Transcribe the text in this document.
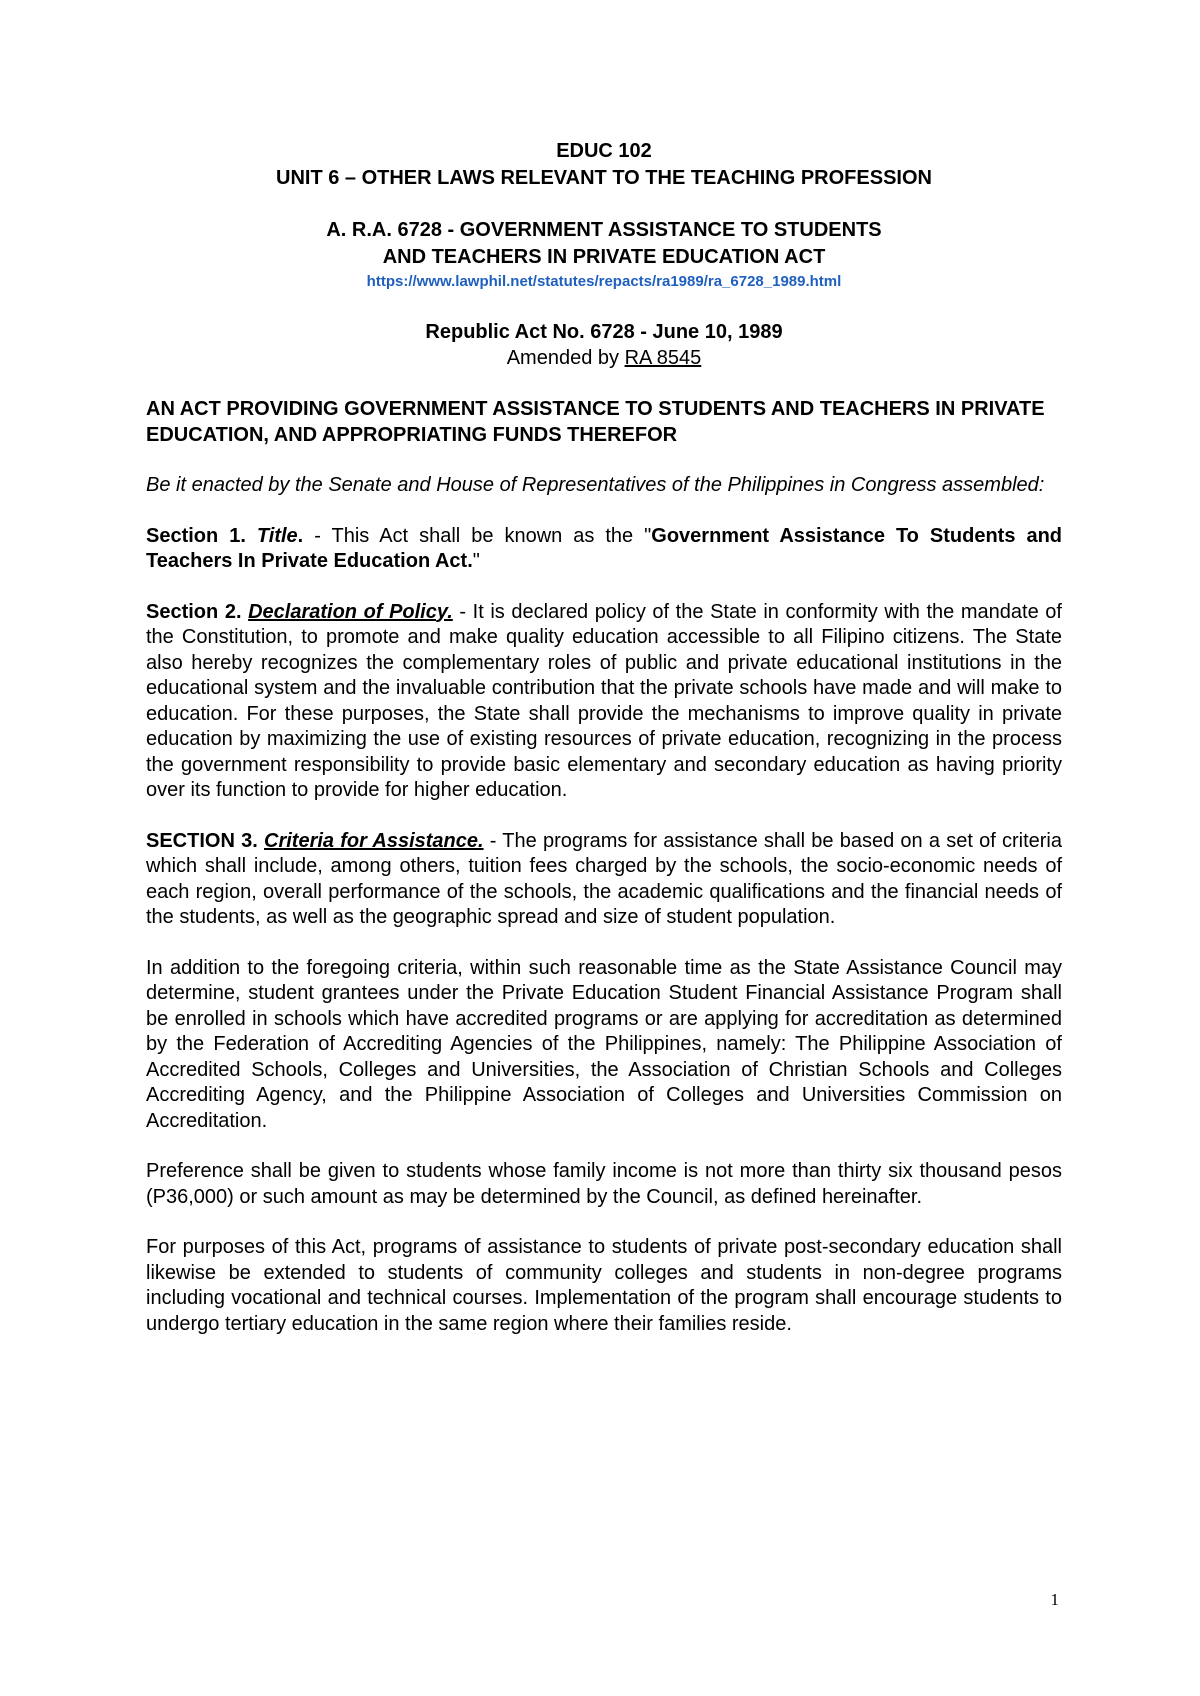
EDUC 102

UNIT 6 – OTHER LAWS RELEVANT TO THE TEACHING PROFESSION

A. R.A. 6728 - GOVERNMENT ASSISTANCE TO STUDENTS

AND TEACHERS IN PRIVATE EDUCATION ACT

https://www.lawphil.net/statutes/repacts/ra1989/ra_6728_1989.html

Republic Act No. 6728 - June 10, 1989

Amended by RA 8545

AN ACT PROVIDING GOVERNMENT ASSISTANCE TO STUDENTS AND TEACHERS IN PRIVATE EDUCATION, AND APPROPRIATING FUNDS THEREFOR

Be it enacted by the Senate and House of Representatives of the Philippines in Congress assembled:

Section 1. Title. - This Act shall be known as the "Government Assistance To Students and Teachers In Private Education Act."

Section 2. Declaration of Policy. - It is declared policy of the State in conformity with the mandate of the Constitution, to promote and make quality education accessible to all Filipino citizens. The State also hereby recognizes the complementary roles of public and private educational institutions in the educational system and the invaluable contribution that the private schools have made and will make to education. For these purposes, the State shall provide the mechanisms to improve quality in private education by maximizing the use of existing resources of private education, recognizing in the process the government responsibility to provide basic elementary and secondary education as having priority over its function to provide for higher education.

SECTION 3. Criteria for Assistance. - The programs for assistance shall be based on a set of criteria which shall include, among others, tuition fees charged by the schools, the socio-economic needs of each region, overall performance of the schools, the academic qualifications and the financial needs of the students, as well as the geographic spread and size of student population.

In addition to the foregoing criteria, within such reasonable time as the State Assistance Council may determine, student grantees under the Private Education Student Financial Assistance Program shall be enrolled in schools which have accredited programs or are applying for accreditation as determined by the Federation of Accrediting Agencies of the Philippines, namely: The Philippine Association of Accredited Schools, Colleges and Universities, the Association of Christian Schools and Colleges Accrediting Agency, and the Philippine Association of Colleges and Universities Commission on Accreditation.

Preference shall be given to students whose family income is not more than thirty six thousand pesos (P36,000) or such amount as may be determined by the Council, as defined hereinafter.

For purposes of this Act, programs of assistance to students of private post-secondary education shall likewise be extended to students of community colleges and students in non-degree programs including vocational and technical courses. Implementation of the program shall encourage students to undergo tertiary education in the same region where their families reside.

1
